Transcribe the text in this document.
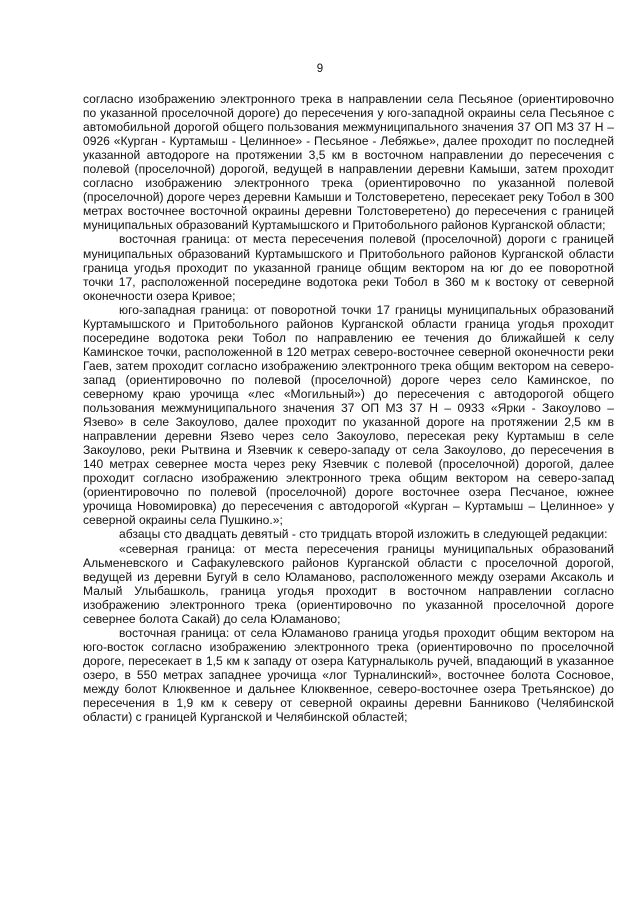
9

согласно изображению электронного трека в направлении села Песьяное (ориентировочно по указанной проселочной дороге) до пересечения у юго-западной окраины села Песьяное с автомобильной дорогой общего пользования межмуниципального значения 37 ОП МЗ 37 Н – 0926 «Курган - Куртамыш - Целинное» - Песьяное - Лебяжье», далее проходит по последней указанной автодороге на протяжении 3,5 км в восточном направлении до пересечения с полевой (проселочной) дорогой, ведущей в направлении деревни Камыши, затем проходит согласно изображению электронного трека (ориентировочно по указанной полевой (проселочной) дороге через деревни Камыши и Толстоверетено, пересекает реку Тобол в 300 метрах восточнее восточной окраины деревни Толстоверетено) до пересечения с границей муниципальных образований Куртамышского и Притобольного районов Курганской области;

восточная граница: от места пересечения полевой (проселочной) дороги с границей муниципальных образований Куртамышского и Притобольного районов Курганской области граница угодья проходит по указанной границе общим вектором на юг до ее поворотной точки 17, расположенной посередине водотока реки Тобол в 360 м к востоку от северной оконечности озера Кривое;

юго-западная граница: от поворотной точки 17 границы муниципальных образований Куртамышского и Притобольного районов Курганской области граница угодья проходит посередине водотока реки Тобол по направлению ее течения до ближайшей к селу Каминское точки, расположенной в 120 метрах северо-восточнее северной оконечности реки Гаев, затем проходит согласно изображению электронного трека общим вектором на северо-запад (ориентировочно по полевой (проселочной) дороге через село Каминское, по северному краю урочища «лес «Могильный») до пересечения с автодорогой общего пользования межмуниципального значения 37 ОП МЗ 37 Н – 0933 «Ярки - Закоулово – Язево» в селе Закоулово, далее проходит по указанной дороге на протяжении 2,5 км в направлении деревни Язево через село Закоулово, пересекая реку Куртамыш в селе Закоулово, реки Рытвина и Язевчик к северо-западу от села Закоулово, до пересечения в 140 метрах севернее моста через реку Язевчик с полевой (проселочной) дорогой, далее проходит согласно изображению электронного трека общим вектором на северо-запад (ориентировочно по полевой (проселочной) дороге восточнее озера Песчаное, южнее урочища Новомировка) до пересечения с автодорогой «Курган – Куртамыш – Целинное» у северной окраины села Пушкино.»;

абзацы сто двадцать девятый - сто тридцать второй изложить в следующей редакции:

«северная граница: от места пересечения границы муниципальных образований Альменевского и Сафакулевского районов Курганской области с проселочной дорогой, ведущей из деревни Бугуй в село Юламаново, расположенного между озерами Аксаколь и Малый Улыбашколь, граница угодья проходит в восточном направлении согласно изображению электронного трека (ориентировочно по указанной проселочной дороге севернее болота Сакай) до села Юламаново;

восточная граница: от села Юламаново граница угодья проходит общим вектором на юго-восток согласно изображению электронного трека (ориентировочно по проселочной дороге, пересекает в 1,5 км к западу от озера Катурналыколь ручей, впадающий в указанное озеро, в 550 метрах западнее урочища «лог Турналинский», восточнее болота Сосновое, между болот Клюквенное и дальнее Клюквенное, северо-восточнее озера Третьянское) до пересечения в 1,9 км к северу от северной окраины деревни Банниково (Челябинской области) с границей Курганской и Челябинской областей;
